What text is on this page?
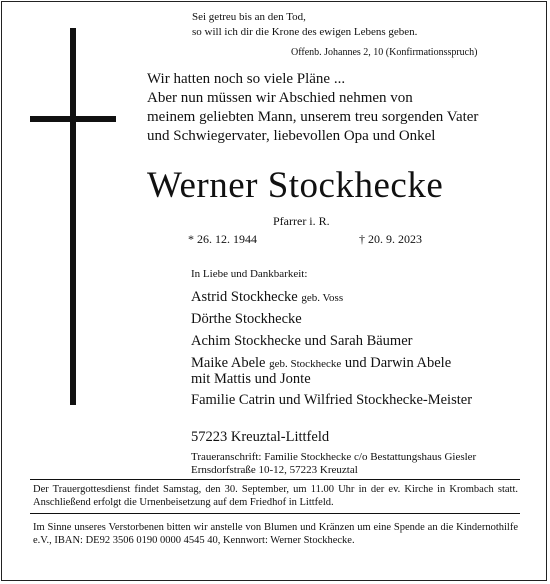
Sei getreu bis an den Tod,
so will ich dir die Krone des ewigen Lebens geben.
Offenb. Johannes 2, 10 (Konfirmationsspruch)
Wir hatten noch so viele Pläne ...
Aber nun müssen wir Abschied nehmen von
meinem geliebten Mann, unserem treu sorgenden Vater
und Schwiegervater, liebevollen Opa und Onkel
Werner Stockhecke
Pfarrer i. R.
* 26. 12. 1944	† 20. 9. 2023
In Liebe und Dankbarkeit:
Astrid Stockhecke geb. Voss
Dörthe Stockhecke
Achim Stockhecke und Sarah Bäumer
Maike Abele geb. Stockhecke und Darwin Abele
mit Mattis und Jonte
Familie Catrin und Wilfried Stockhecke-Meister
57223 Kreuztal-Littfeld
Traueranschrift: Familie Stockhecke c/o Bestattungshaus Giesler
Ernsdorfstraße 10-12, 57223 Kreuztal
Der Trauergottesdienst findet Samstag, den 30. September, um 11.00 Uhr in der ev. Kirche in Krombach statt. Anschließend erfolgt die Urnenbeisetzung auf dem Friedhof in Littfeld.
Im Sinne unseres Verstorbenen bitten wir anstelle von Blumen und Kränzen um eine Spende an die Kindernothilfe e.V., IBAN: DE92 3506 0190 0000 4545 40, Kennwort: Werner Stockhecke.
